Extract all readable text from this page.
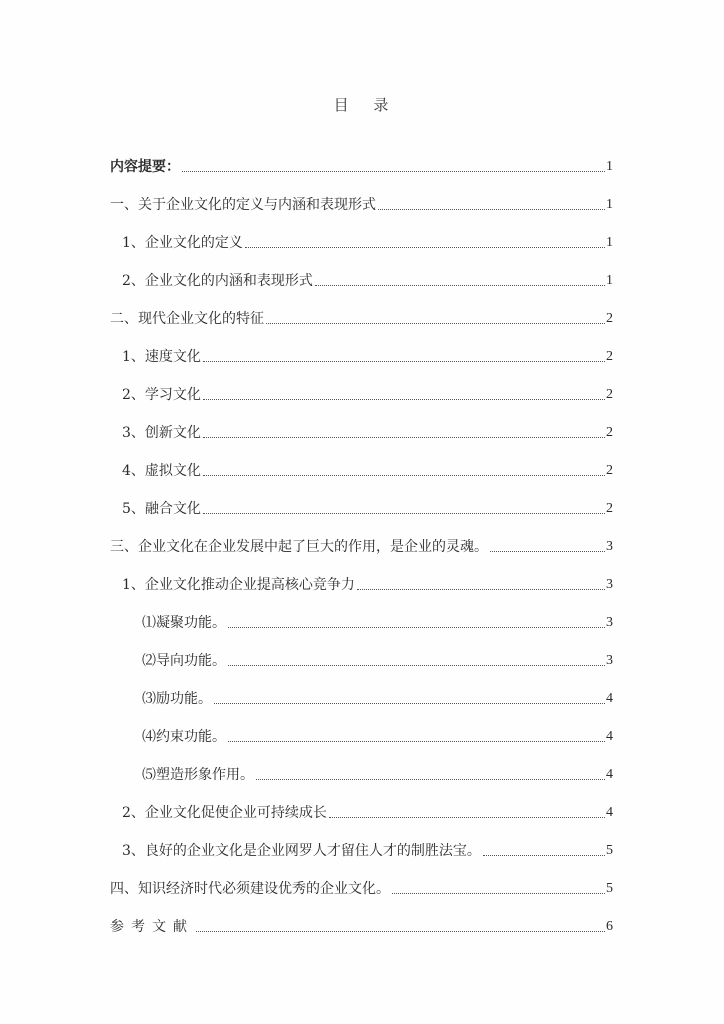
目 录
内容提要：	1
一、关于企业文化的定义与内涵和表现形式	1
1、企业文化的定义	1
2、企业文化的内涵和表现形式	1
二、现代企业文化的特征	2
1、速度文化	2
2、学习文化	2
3、创新文化	2
4、虚拟文化	2
5、融合文化	2
三、企业文化在企业发展中起了巨大的作用，是企业的灵魂。	3
1、企业文化推动企业提高核心竞争力	3
⑴凝聚功能。	3
⑵导向功能。	3
⑶励功能。	4
⑷约束功能。	4
⑸塑造形象作用。	4
2、企业文化促使企业可持续成长	4
3、良好的企业文化是企业网罗人才留住人才的制胜法宝。	5
四、知识经济时代必须建设优秀的企业文化。	5
参考文献	6
